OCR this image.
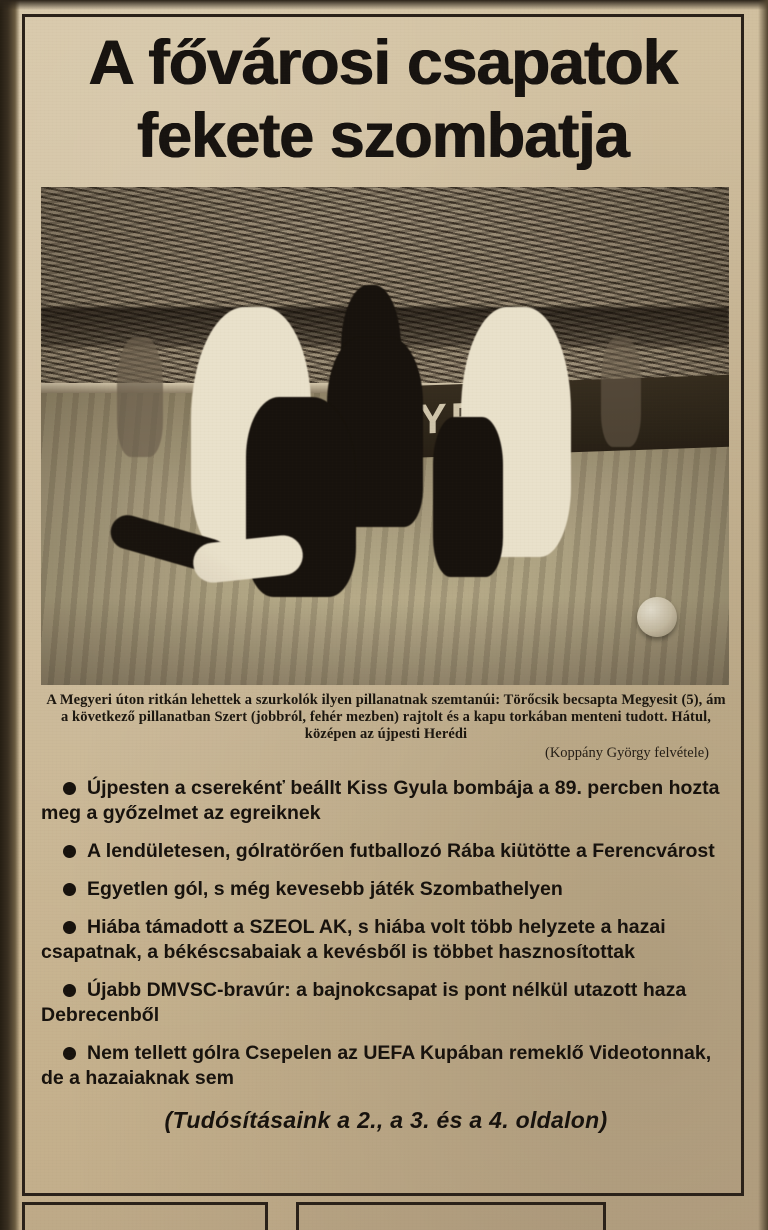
A fővárosi csapatok
fekete szombatja
A Megyeri úton ritkán lehettek a szurkolók ilyen pillanatnak szemtanúi: Törőcsik becsapta Megyesit (5), ám a következő pillanatban Szert (jobbról, fehér mezben) rajtolt és a kapu torkában menteni tudott. Hátul, középen az újpesti Herédi
(Koppány György felvétele)
Újpesten a cserekénť beállt Kiss Gyula bombája a 89. percben hozta meg a győzelmet az egreiknek
A lendületesen, gólratörően futballozó Rába kiütötte a Ferencvárost
Egyetlen gól, s még kevesebb játék Szombathelyen
Hiába támadott a SZEOL AK, s hiába volt több helyzete a hazai csapatnak, a békéscsabaiak a kevésből is többet hasznosítottak
Újabb DMVSC-bravúr: a bajnokcsapat is pont nélkül utazott haza Debrecenből
Nem tellett gólra Csepelen az UEFA Kupában remeklő Videotonnak, de a hazaiaknak sem
(Tudósításaink a 2., a 3. és a 4. oldalon)
